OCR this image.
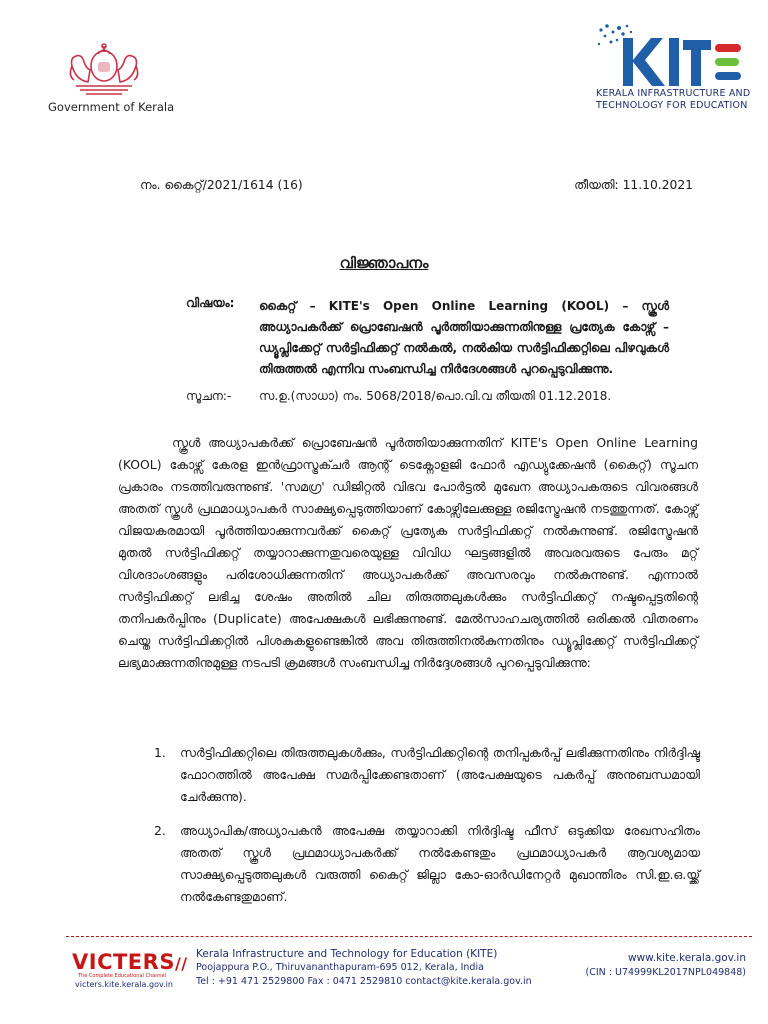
Government of Kerala
KERALA INFRASTRUCTURE AND
TECHNOLOGY FOR EDUCATION
നം. കൈറ്റ്/2021/1614 (16)	തീയതി: 11.10.2021
വിജ്ഞാപനം
വിഷയം: കൈറ്റ് – KITE's Open Online Learning (KOOL) – സ്കൂൾ അധ്യാപകർക്ക് പ്രൊബേഷൻ പൂർത്തിയാക്കുന്നതിനുള്ള പ്രത്യേക കോഴ്സ് – ഡ്യൂപ്ലിക്കേറ്റ് സർട്ടിഫിക്കറ്റ് നൽകൽ, നൽകിയ സർട്ടിഫിക്കറ്റിലെ പിഴവുകൾ തിരുത്തൽ എന്നിവ സംബന്ധിച്ച നിർദേശങ്ങൾ പുറപ്പെടുവിക്കുന്നു.
സൂചന:- സ.ഉ.(സാധാ) നം. 5068/2018/പൊ.വി.വ തീയതി 01.12.2018.
സ്കൂൾ അധ്യാപകർക്ക് പ്രൊബേഷൻ പൂർത്തിയാക്കുന്നതിന് KITE's Open Online Learning (KOOL) കോഴ്സ് കേരള ഇൻഫ്രാസ്ട്രക്ചർ ആന്റ് ടെക്നോളജി ഫോർ എഡ്യുക്കേഷൻ (കൈറ്റ്) സൂചന പ്രകാരം നടത്തിവരുന്നുണ്ട്. 'സമഗ്ര' ഡിജിറ്റൽ വിഭവ പോർട്ടൽ മുഖേന അധ്യാപകരുടെ വിവരങ്ങൾ അതത് സ്കൂൾ പ്രഥമാധ്യാപകർ സാക്ഷ്യപ്പെടുത്തിയാണ് കോഴ്സിലേക്കുള്ള രജിസ്ട്രേഷൻ നടത്തുന്നത്. കോഴ്സ് വിജയകരമായി പൂർത്തിയാക്കുന്നവർക്ക് കൈറ്റ് പ്രത്യേക സർട്ടിഫിക്കറ്റ് നൽകുന്നുണ്ട്. രജിസ്ട്രേഷൻ മുതൽ സർട്ടിഫിക്കറ്റ് തയ്യാറാക്കുന്നതുവരെയുള്ള വിവിധ ഘട്ടങ്ങളിൽ അവരവരുടെ പേരും മറ്റ് വിശദാംശങ്ങളും പരിശോധിക്കുന്നതിന് അധ്യാപകർക്ക് അവസരവും നൽകുന്നുണ്ട്. എന്നാൽ സർട്ടിഫിക്കറ്റ് ലഭിച്ച ശേഷം അതിൽ ചില തിരുത്തലുകൾക്കും സർട്ടിഫിക്കറ്റ് നഷ്ടപ്പെട്ടതിന്റെ തനിപകർപ്പിനും (Duplicate) അപേക്ഷകൾ ലഭിക്കുന്നുണ്ട്. മേൽസാഹചര്യത്തിൽ ഒരിക്കൽ വിതരണം ചെയ്ത സർട്ടിഫിക്കറ്റിൽ പിശകുകളുണ്ടെങ്കിൽ അവ തിരുത്തിനൽകുന്നതിനും ഡ്യൂപ്ലിക്കേറ്റ് സർട്ടിഫിക്കറ്റ് ലഭ്യമാക്കുന്നതിനുമുള്ള നടപടി ക്രമങ്ങൾ സംബന്ധിച്ച നിർദ്ദേശങ്ങൾ പുറപ്പെടുവിക്കുന്നു:
1. സർട്ടിഫിക്കറ്റിലെ തിരുത്തലുകൾക്കും, സർട്ടിഫിക്കറ്റിന്റെ തനിപ്പകർപ്പ് ലഭിക്കുന്നതിനും നിർദ്ദിഷ്ട ഫോറത്തിൽ അപേക്ഷ സമർപ്പിക്കേണ്ടതാണ് (അപേക്ഷയുടെ പകർപ്പ് അനുബന്ധമായി ചേർക്കുന്നു).
2. അധ്യാപിക/അധ്യാപകൻ അപേക്ഷ തയ്യാറാക്കി നിർദ്ദിഷ്ട ഫീസ് ഒടുക്കിയ രേഖസഹിതം അതത് സ്കൂൾ പ്രഥമാധ്യാപകർക്ക് നൽകേണ്ടതും പ്രഥമാധ്യാപകർ ആവശ്യമായ സാക്ഷ്യപ്പെടുത്തലുകൾ വരുത്തി കൈറ്റ് ജില്ലാ കോ-ഓർഡിനേറ്റർ മുഖാന്തിരം സി.ഇ.ഒ.യ്ക്ക് നൽകേണ്ടതുമാണ്.
VICTERS//
The Complete Educational Channel
victers.kite.kerala.gov.in
Kerala Infrastructure and Technology for Education (KITE)
Poojappura P.O., Thiruvananthapuram-695 012, Kerala, India
Tel : +91 471 2529800 Fax : 0471 2529810 contact@kite.kerala.gov.in
www.kite.kerala.gov.in
(CIN : U74999KL2017NPL049848)
